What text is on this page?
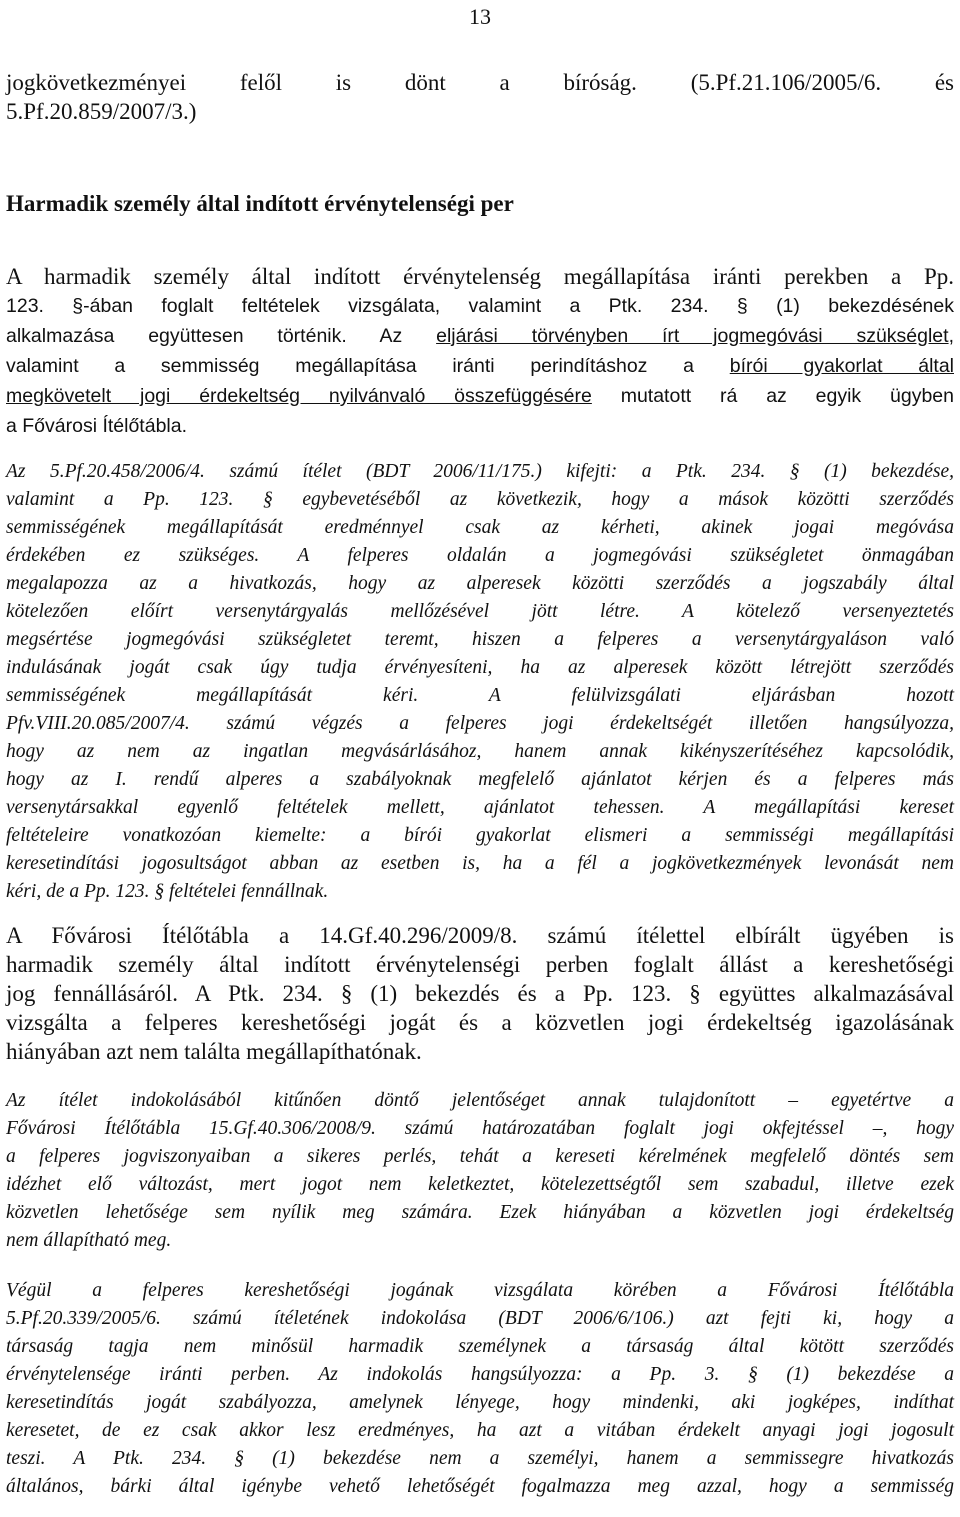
13

jogkövetkezményei felől is dönt a bíróság. (5.Pf.21.106/2005/6. és
5.Pf.20.859/2007/3.)

Harmadik személy által indított érvénytelenségi per

A harmadik személy által indított érvénytelenség megállapítása iránti perekben a Pp.
123. §-ában foglalt feltételek vizsgálata, valamint a Ptk. 234. § (1) bekezdésének
alkalmazása együttesen történik. Az eljárási törvényben írt jogmegóvási szükséglet,
valamint a semmisség megállapítása iránti perindításhoz a bírói gyakorlat által
megkövetelt jogi érdekeltség nyilvánvaló összefüggésére mutatott rá az egyik ügyben
a Fővárosi Ítélőtábla.

Az 5.Pf.20.458/2006/4. számú ítélet (BDT 2006/11/175.) kifejti: a Ptk. 234. § (1) bekezdése,
valamint a Pp. 123. § egybevetéséből az következik, hogy a mások közötti szerződés
semmisségének megállapítását eredménnyel csak az kérheti, akinek jogai megóvása
érdekében ez szükséges. A felperes oldalán a jogmegóvási szükségletet önmagában
megalapozza az a hivatkozás, hogy az alperesek közötti szerződés a jogszabály által
kötelezően előírt versenytárgyalás mellőzésével jött létre. A kötelező versenyeztetés
megsértése jogmegóvási szükségletet teremt, hiszen a felperes a versenytárgyaláson való
indulásának jogát csak úgy tudja érvényesíteni, ha az alperesek között létrejött szerződés
semmisségének megállapítását kéri. A felülvizsgálati eljárásban hozott
Pfv.VIII.20.085/2007/4. számú végzés a felperes jogi érdekeltségét illetően hangsúlyozza,
hogy az nem az ingatlan megvásárlásához, hanem annak kikényszerítéséhez kapcsolódik,
hogy az I. rendű alperes a szabályoknak megfelelő ajánlatot kérjen és a felperes más
versenytársakkal egyenlő feltételek mellett, ajánlatot tehessen. A megállapítási kereset
feltételeire vonatkozóan kiemelte: a bírói gyakorlat elismeri a semmisségi megállapítási
keresetindítási jogosultságot abban az esetben is, ha a fél a jogkövetkezmények levonását nem
kéri, de a Pp. 123. § feltételei fennállnak.

A Fővárosi Ítélőtábla a 14.Gf.40.296/2009/8. számú ítélettel elbírált ügyében is
harmadik személy által indított érvénytelenségi perben foglalt állást a kereshetőségi
jog fennállásáról. A Ptk. 234. § (1) bekezdés és a Pp. 123. § együttes alkalmazásával
vizsgálta a felperes kereshetőségi jogát és a közvetlen jogi érdekeltség igazolásának
hiányában azt nem találta megállapíthatónak.

Az ítélet indokolásából kitűnően döntő jelentőséget annak tulajdonított – egyetértve a
Fővárosi Ítélőtábla 15.Gf.40.306/2008/9. számú határozatában foglalt jogi okfejtéssel –, hogy
a felperes jogviszonyaiban a sikeres perlés, tehát a kereseti kérelmének megfelelő döntés sem
idézhet elő változást, mert jogot nem keletkeztet, kötelezettségtől sem szabadul, illetve ezek
közvetlen lehetősége sem nyílik meg számára. Ezek hiányában a közvetlen jogi érdekeltség
nem állapítható meg.

Végül a felperes kereshetőségi jogának vizsgálata körében a Fővárosi Ítélőtábla
5.Pf.20.339/2005/6. számú ítéletének indokolása (BDT 2006/6/106.) azt fejti ki, hogy a
társaság tagja nem minősül harmadik személynek a társaság által kötött szerződés
érvénytelensége iránti perben. Az indokolás hangsúlyozza: a Pp. 3. § (1) bekezdése a
keresetindítás jogát szabályozza, amelynek lényege, hogy mindenki, aki jogképes, indíthat
keresetet, de ez csak akkor lesz eredményes, ha azt a vitában érdekelt anyagi jogi jogosult
teszi. A Ptk. 234. § (1) bekezdése nem a személyi, hanem a semmissegre hivatkozás
általános, bárki által igénybe vehető lehetőségét fogalmazza meg azzal, hogy a semmisség
